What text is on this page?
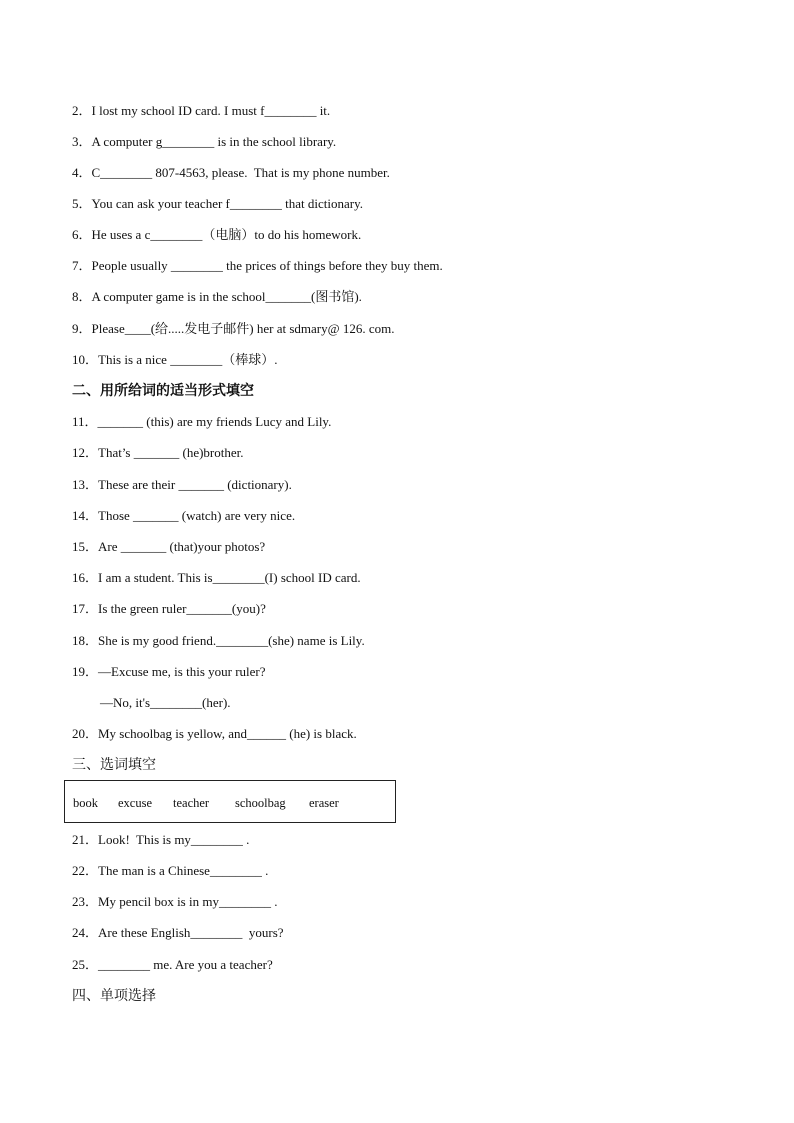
2．I lost my school ID card. I must f________ it.
3．A computer g________ is in the school library.
4．C________ 807-4563, please.  That is my phone number.
5．You can ask your teacher f________ that dictionary.
6．He uses a c________（电脑）to do his homework.
7．People usually ________ the prices of things before they buy them.
8．A computer game is in the school_______(图书馆).
9．Please____(给.....发电子邮件) her at sdmary@ 126. com.
10．This is a nice ________（棒球）.
二、用所给词的适当形式填空
11．_______ (this) are my friends Lucy and Lily.
12．That’s _______ (he)brother.
13．These are their _______ (dictionary).
14．Those _______ (watch) are very nice.
15．Are _______ (that)your photos?
16．I am a student. This is________(I) school ID card.
17．Is the green ruler_______(you)?
18．She is my good friend.________(she) name is Lily.
19．—Excuse me, is this your ruler?
—No, it's________(her).
20．My schoolbag is yellow, and______ (he) is black.
三、选词填空
book excuse teacher schoolbag eraser
21．Look!  This is my________ .
22．The man is a Chinese________ .
23．My pencil box is in my________ .
24．Are these English________  yours?
25．________ me. Are you a teacher?
四、单项选择
